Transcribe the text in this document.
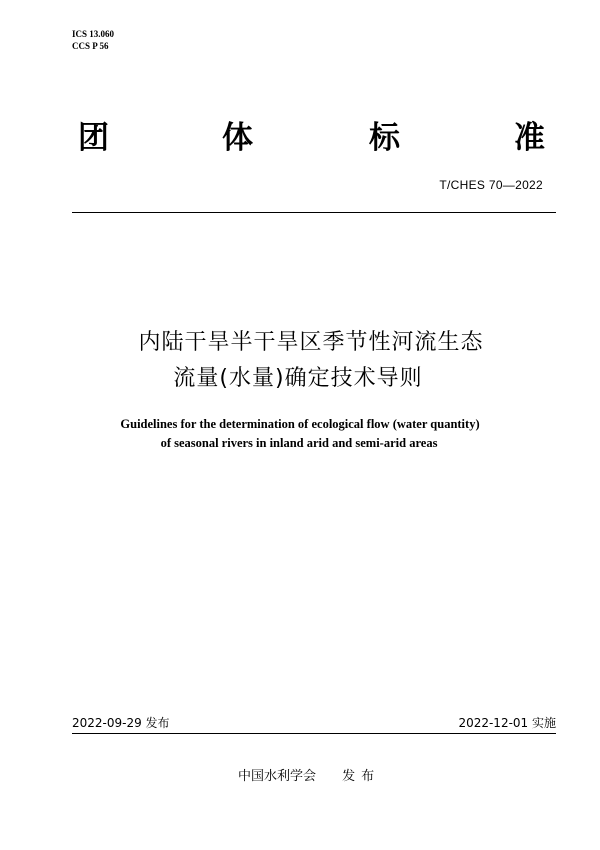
ICS 13.060
CCS P 56
团	体	标	准
T/CHES 70—2022
内陆干旱半干旱区季节性河流生态
流量(水量)确定技术导则
Guidelines for the determination of ecological flow (water quantity)
of seasonal rivers in inland arid and semi-arid areas
2022-09-29 发布	2022-12-01 实施
中国水利学会 发布
